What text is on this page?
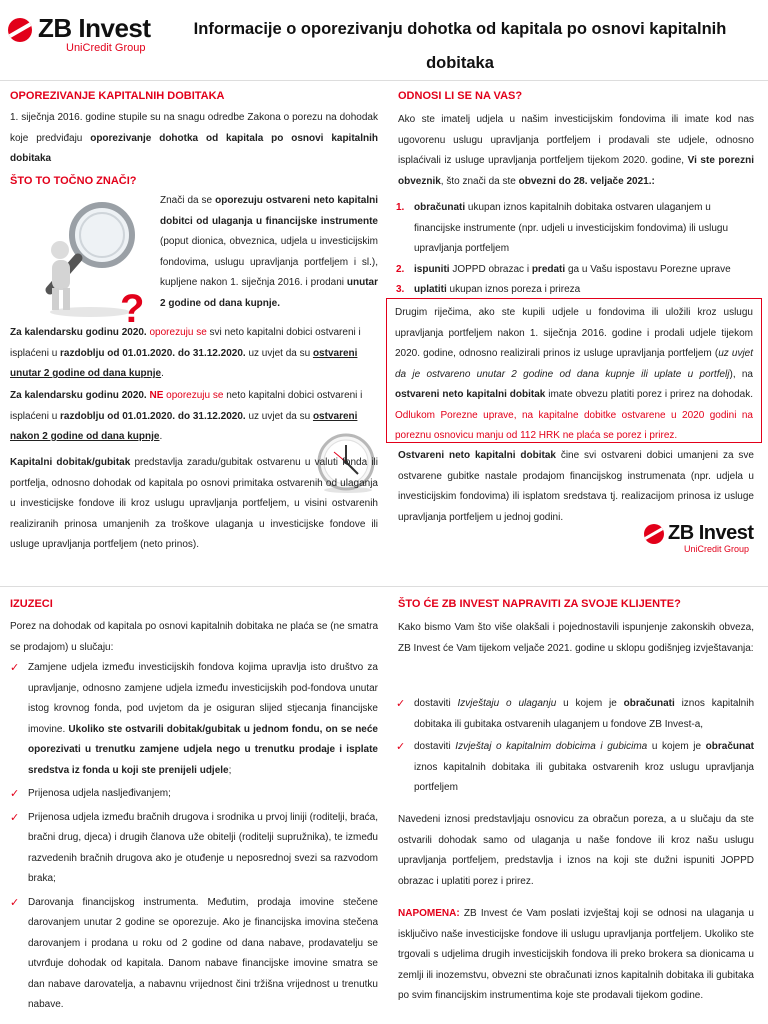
ZB Invest
UniCredit Group
Informacije o oporezivanju dohotka od kapitala po osnovi kapitalnih dobitaka
OPOREZIVANJE KAPITALNIH DOBITAKA
1. siječnja 2016. godine stupile su na snagu odredbe Zakona o porezu na dohodak koje predviđaju oporezivanje dohotka od kapitala po osnovi kapitalnih dobitaka
ŠTO TO TOČNO ZNAČI?
?
Znači da se oporezuju ostvareni neto kapitalni dobitci od ulaganja u financijske instrumente (poput dionica, obveznica, udjela u investicijskim fondovima, uslugu upravljanja portfeljem i sl.), kupljene nakon 1. siječnja 2016. i prodani unutar 2 godine od dana kupnje.
Za kalendarsku godinu 2020. oporezuju se svi neto kapitalni dobici ostvareni i isplaćeni u razdoblju od 01.01.2020. do 31.12.2020. uz uvjet da su ostvareni unutar 2 godine od dana kupnje.
Za kalendarsku godinu 2020. NE oporezuju se neto kapitalni dobici ostvareni i isplaćeni u razdoblju od 01.01.2020. do 31.12.2020. uz uvjet da su ostvareni nakon 2 godine od dana kupnje.
Kapitalni dobitak/gubitak predstavlja zaradu/gubitak ostvarenu u valuti fonda ili portfelja, odnosno dohodak od kapitala po osnovi primitaka ostvarenih od ulaganja u investicijske fondove ili kroz uslugu upravljanja portfeljem, u visini ostvarenih realiziranih prinosa umanjenih za troškove ulaganja u investicijske fondove ili usluge upravljanja portfeljem (neto prinos).
IZUZECI
Porez na dohodak od kapitala po osnovi kapitalnih dobitaka ne plaća se (ne smatra se prodajom) u slučaju:
✓ Zamjene udjela između investicijskih fondova kojima upravlja isto društvo za upravljanje, odnosno zamjene udjela između investicijskih pod-fondova unutar istog krovnog fonda, pod uvjetom da je osiguran slijed stjecanja financijske imovine. Ukoliko ste ostvarili dobitak/gubitak u jednom fondu, on se neće oporezivati u trenutku zamjene udjela nego u trenutku prodaje i isplate sredstva iz fonda u koji ste prenijeli udjele;
✓ Prijenosa udjela nasljeđivanjem;
✓ Prijenosa udjela između bračnih drugova i srodnika u prvoj liniji (roditelji, braća, bračni drug, djeca) i drugih članova uže obitelji (roditelji supružnika), te između razvedenih bračnih drugova ako je otuđenje u neposrednoj svezi sa razvodom braka;
✓ Darovanja financijskog instrumenta. Međutim, prodaja imovine stečene darovanjem unutar 2 godine se oporezuje. Ako je financijska imovina stečena darovanjem i prodana u roku od 2 godine od dana nabave, prodavatelju se utvrđuje dohodak od kapitala. Danom nabave financijske imovine smatra se dan nabave darovatelja, a nabavnu vrijednost čini tržišna vrijednost u trenutku nabave.
ODNOSI LI SE NA VAS?
Ako ste imatelj udjela u našim investicijskim fondovima ili imate kod nas ugovorenu uslugu upravljanja portfeljem i prodavali ste udjele, odnosno isplaćivali iz usluge upravljanja portfeljem tijekom 2020. godine, Vi ste porezni obveznik, što znači da ste obvezni do 28. veljače 2021.:
1. obračunati ukupan iznos kapitalnih dobitaka ostvaren ulaganjem u financijske instrumente (npr. udjeli u investicijskim fondovima) ili uslugu upravljanja portfeljem
2. ispuniti JOPPD obrazac i predati ga u Vašu ispostavu Porezne uprave
3. uplatiti ukupan iznos poreza i prireza
Drugim riječima, ako ste kupili udjele u fondovima ili uložili kroz uslugu upravljanja portfeljem nakon 1. siječnja 2016. godine i prodali udjele tijekom 2020. godine, odnosno realizirali prinos iz usluge upravljanja portfeljem (uz uvjet da je ostvareno unutar 2 godine od dana kupnje ili uplate u portfelj), na ostvareni neto kapitalni dobitak imate obvezu platiti porez i prirez na dohodak. Odlukom Porezne uprave, na kapitalne dobitke ostvarene u 2020 godini na poreznu osnovicu manju od 112 HRK ne plaća se porez i prirez.
Ostvareni neto kapitalni dobitak čine svi ostvareni dobici umanjeni za sve ostvarene gubitke nastale prodajom financijskog instrumenata (npr. udjela u investicijskim fondovima) ili isplatom sredstava tj. realizacijom prinosa iz usluge upravljanja portfeljem u jednoj godini.
ZB Invest
UniCredit Group
ŠTO ĆE ZB INVEST NAPRAVITI ZA SVOJE KLIJENTE?
Kako bismo Vam što više olakšali i pojednostavili ispunjenje zakonskih obveza, ZB Invest će Vam tijekom veljače 2021. godine u sklopu godišnjeg izvještavanja:
✓ dostaviti Izvještaju o ulaganju u kojem je obračunati iznos kapitalnih dobitaka ili gubitaka ostvarenih ulaganjem u fondove ZB Invest-a,
✓ dostaviti Izvještaj o kapitalnim dobicima i gubicima u kojem je obračunat iznos kapitalnih dobitaka ili gubitaka ostvarenih kroz uslugu upravljanja portfeljem
Navedeni iznosi predstavljaju osnovicu za obračun poreza, a u slučaju da ste ostvarili dohodak samo od ulaganja u naše fondove ili kroz našu uslugu upravljanja portfeljem, predstavlja i iznos na koji ste dužni ispuniti JOPPD obrazac i uplatiti porez i prirez.
NAPOMENA: ZB Invest će Vam poslati izvještaj koji se odnosi na ulaganja u isključivo naše investicijske fondove ili uslugu upravljanja portfeljem. Ukoliko ste trgovali s udjelima drugih investicijskih fondova ili preko brokera sa dionicama u zemlji ili inozemstvu, obvezni ste obračunati iznos kapitalnih dobitaka ili gubitaka po svim financijskim instrumentima koje ste prodavali tijekom godine.
